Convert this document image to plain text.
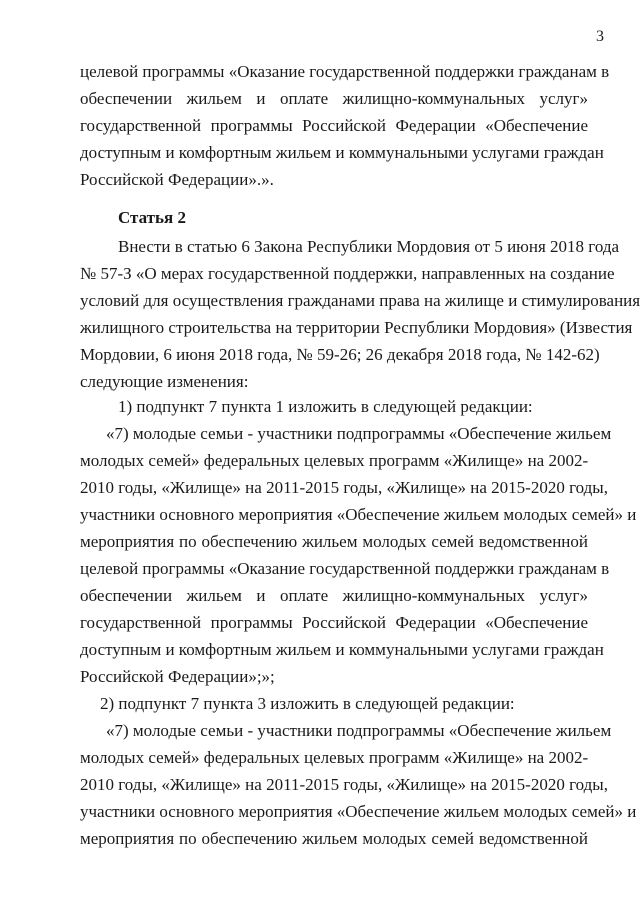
3
целевой программы «Оказание государственной поддержки гражданам в
обеспечении жильем и оплате жилищно-коммунальных услуг»
государственной программы Российской Федерации «Обеспечение
доступным и комфортным жильем и коммунальными услугами граждан
Российской Федерации».».
Статья 2
Внести в статью 6 Закона Республики Мордовия от 5 июня 2018 года
№ 57-З «О мерах государственной поддержки, направленных на создание
условий для осуществления гражданами права на жилище и стимулирования
жилищного строительства на территории Республики Мордовия» (Известия
Мордовии, 6 июня 2018 года, № 59-26; 26 декабря 2018 года, № 142-62)
следующие изменения:
1) подпункт 7 пункта 1 изложить в следующей редакции:
«7) молодые семьи - участники подпрограммы «Обеспечение жильем
молодых семей» федеральных целевых программ «Жилище» на 2002-
2010 годы, «Жилище» на 2011-2015 годы, «Жилище» на 2015-2020 годы,
участники основного мероприятия «Обеспечение жильем молодых семей» и
мероприятия по обеспечению жильем молодых семей ведомственной
целевой программы «Оказание государственной поддержки гражданам в
обеспечении жильем и оплате жилищно-коммунальных услуг»
государственной программы Российской Федерации «Обеспечение
доступным и комфортным жильем и коммунальными услугами граждан
Российской Федерации»;»;
2) подпункт 7 пункта 3 изложить в следующей редакции:
«7) молодые семьи - участники подпрограммы «Обеспечение жильем
молодых семей» федеральных целевых программ «Жилище» на 2002-
2010 годы, «Жилище» на 2011-2015 годы, «Жилище» на 2015-2020 годы,
участники основного мероприятия «Обеспечение жильем молодых семей» и
мероприятия по обеспечению жильем молодых семей ведомственной
